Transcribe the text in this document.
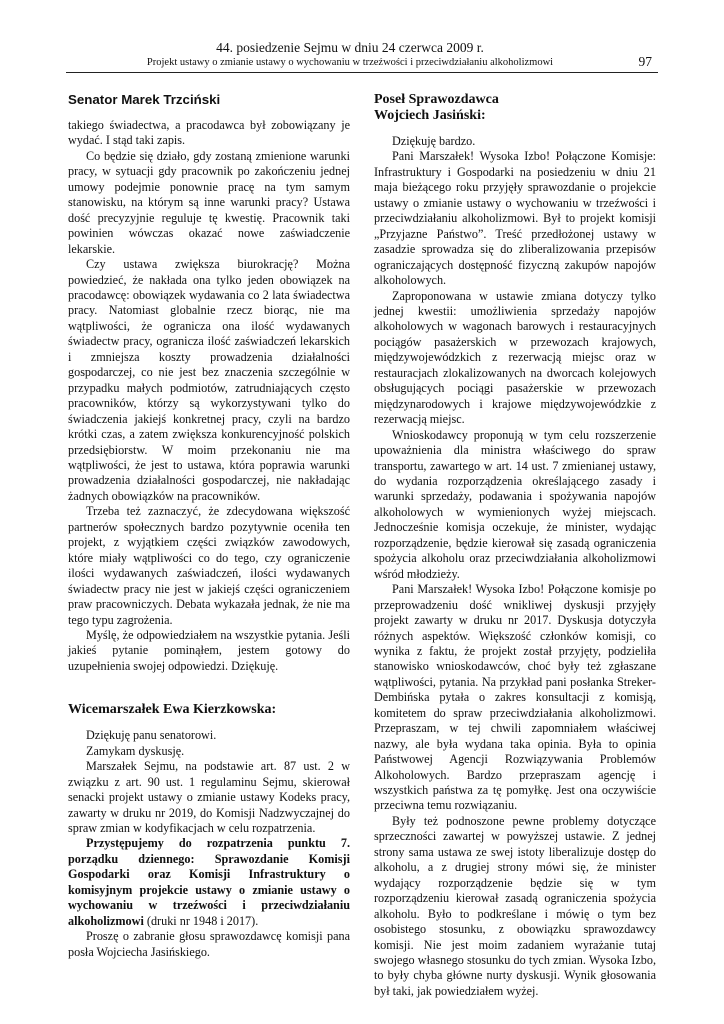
44. posiedzenie Sejmu w dniu 24 czerwca 2009 r.
Projekt ustawy o zmianie ustawy o wychowaniu w trzeźwości i przeciwdziałaniu alkoholizmowi	97
Senator Marek Trzciński

takiego świadectwa, a pracodawca był zobowiązany je wydać. I stąd taki zapis.

Co będzie się działo, gdy zostaną zmienione warunki pracy, w sytuacji gdy pracownik po zakończeniu jednej umowy podejmie ponownie pracę na tym samym stanowisku, na którym są inne warunki pracy? Ustawa dość precyzyjnie reguluje tę kwestię. Pracownik taki powinien wówczas okazać nowe zaświadczenie lekarskie.

Czy ustawa zwiększa biurokrację? Można powiedzieć, że nakłada ona tylko jeden obowiązek na pracodawcę: obowiązek wydawania co 2 lata świadectwa pracy. Natomiast globalnie rzecz biorąc, nie ma wątpliwości, że ogranicza ona ilość wydawanych świadectw pracy, ogranicza ilość zaświadczeń lekarskich i zmniejsza koszty prowadzenia działalności gospodarczej, co nie jest bez znaczenia szczególnie w przypadku małych podmiotów, zatrudniających często pracowników, którzy są wykorzystywani tylko do świadczenia jakiejś konkretnej pracy, czyli na bardzo krótki czas, a zatem zwiększa konkurencyjność polskich przedsiębiorstw. W moim przekonaniu nie ma wątpliwości, że jest to ustawa, która poprawia warunki prowadzenia działalności gospodarczej, nie nakładając żadnych obowiązków na pracowników.

Trzeba też zaznaczyć, że zdecydowana większość partnerów społecznych bardzo pozytywnie oceniła ten projekt, z wyjątkiem części związków zawodowych, które miały wątpliwości co do tego, czy ograniczenie ilości wydawanych zaświadczeń, ilości wydawanych świadectw pracy nie jest w jakiejś części ograniczeniem praw pracowniczych. Debata wykazała jednak, że nie ma tego typu zagrożenia.

Myślę, że odpowiedziałem na wszystkie pytania. Jeśli jakieś pytanie pominąłem, jestem gotowy do uzupełnienia swojej odpowiedzi. Dziękuję.

Wicemarszałek Ewa Kierzkowska:

Dziękuję panu senatorowi.

Zamykam dyskusję.

Marszałek Sejmu, na podstawie art. 87 ust. 2 w związku z art. 90 ust. 1 regulaminu Sejmu, skierował senacki projekt ustawy o zmianie ustawy Kodeks pracy, zawarty w druku nr 2019, do Komisji Nadzwyczajnej do spraw zmian w kodyfikacjach w celu rozpatrzenia.

Przystępujemy do rozpatrzenia punktu 7. porządku dziennego: Sprawozdanie Komisji Gospodarki oraz Komisji Infrastruktury o komisyjnym projekcie ustawy o zmianie ustawy o wychowaniu w trzeźwości i przeciwdziałaniu alkoholizmowi (druki nr 1948 i 2017).

Proszę o zabranie głosu sprawozdawcę komisji pana posła Wojciecha Jasińskiego.

Poseł Sprawozdawca
Wojciech Jasiński:

Dziękuję bardzo.

Pani Marszałek! Wysoka Izbo! Połączone Komisje: Infrastruktury i Gospodarki na posiedzeniu w dniu 21 maja bieżącego roku przyjęły sprawozdanie o projekcie ustawy o zmianie ustawy o wychowaniu w trzeźwości i przeciwdziałaniu alkoholizmowi. Był to projekt komisji „Przyjazne Państwo”. Treść przedłożonej ustawy w zasadzie sprowadza się do zliberalizowania przepisów ograniczających dostępność fizyczną zakupów napojów alkoholowych.

Zaproponowana w ustawie zmiana dotyczy tylko jednej kwestii: umożliwienia sprzedaży napojów alkoholowych w wagonach barowych i restauracyjnych pociągów pasażerskich w przewozach krajowych, międzywojewódzkich z rezerwacją miejsc oraz w restauracjach zlokalizowanych na dworcach kolejowych obsługujących pociągi pasażerskie w przewozach międzynarodowych i krajowe międzywojewódzkie z rezerwacją miejsc.

Wnioskodawcy proponują w tym celu rozszerzenie upoważnienia dla ministra właściwego do spraw transportu, zawartego w art. 14 ust. 7 zmienianej ustawy, do wydania rozporządzenia określającego zasady i warunki sprzedaży, podawania i spożywania napojów alkoholowych w wymienionych wyżej miejscach. Jednocześnie komisja oczekuje, że minister, wydając rozporządzenie, będzie kierował się zasadą ograniczenia spożycia alkoholu oraz przeciwdziałania alkoholizmowi wśród młodzieży.

Pani Marszałek! Wysoka Izbo! Połączone komisje po przeprowadzeniu dość wnikliwej dyskusji przyjęły projekt zawarty w druku nr 2017. Dyskusja dotyczyła różnych aspektów. Większość członków komisji, co wynika z faktu, że projekt został przyjęty, podzieliła stanowisko wnioskodawców, choć były też zgłaszane wątpliwości, pytania. Na przykład pani posłanka Streker-Dembińska pytała o zakres konsultacji z komisją, komitetem do spraw przeciwdziałania alkoholizmowi. Przepraszam, w tej chwili zapomniałem właściwej nazwy, ale była wydana taka opinia. Była to opinia Państwowej Agencji Rozwiązywania Problemów Alkoholowych. Bardzo przepraszam agencję i wszystkich państwa za tę pomyłkę. Jest ona oczywiście przeciwna temu rozwiązaniu.

Były też podnoszone pewne problemy dotyczące sprzeczności zawartej w powyższej ustawie. Z jednej strony sama ustawa ze swej istoty liberalizuje dostęp do alkoholu, a z drugiej strony mówi się, że minister wydający rozporządzenie będzie się w tym rozporządzeniu kierował zasadą ograniczenia spożycia alkoholu. Było to podkreślane i mówię o tym bez osobistego stosunku, z obowiązku sprawozdawcy komisji. Nie jest moim zadaniem wyrażanie tutaj swojego własnego stosunku do tych zmian. Wysoka Izbo, to były chyba główne nurty dyskusji. Wynik głosowania był taki, jak powiedziałem wyżej.
